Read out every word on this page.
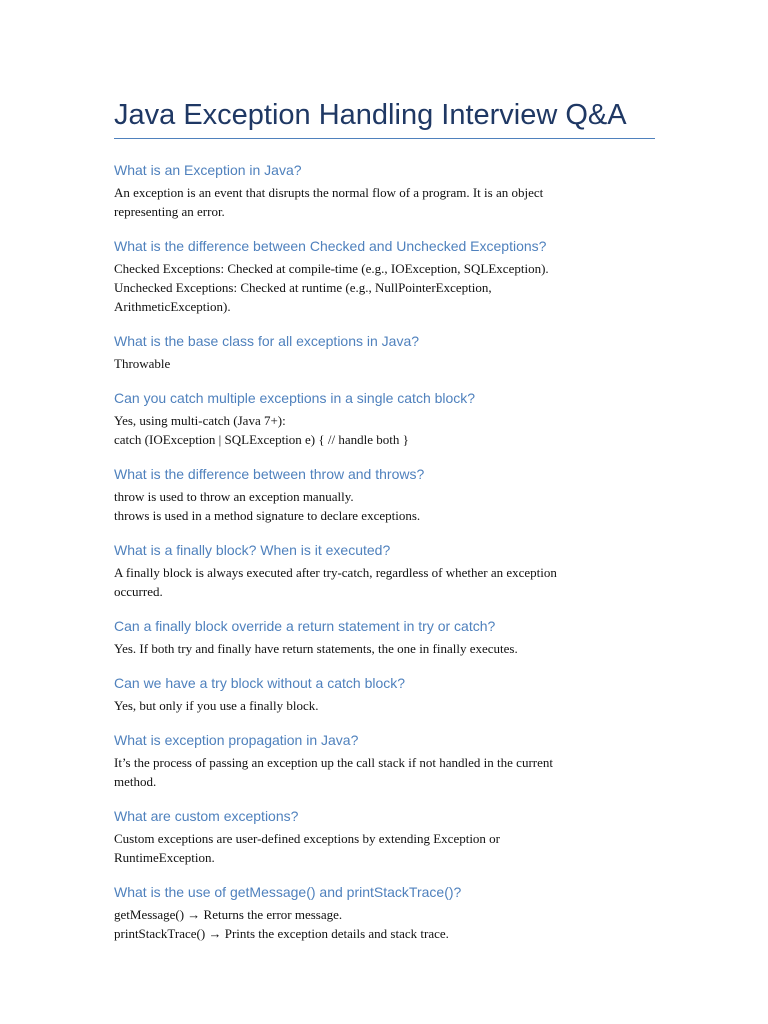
Java Exception Handling Interview Q&A
What is an Exception in Java?

An exception is an event that disrupts the normal flow of a program. It is an object
representing an error.

What is the difference between Checked and Unchecked Exceptions?

Checked Exceptions: Checked at compile-time (e.g., IOException, SQLException).
Unchecked Exceptions: Checked at runtime (e.g., NullPointerException,
ArithmeticException).

What is the base class for all exceptions in Java?

Throwable

Can you catch multiple exceptions in a single catch block?

Yes, using multi-catch (Java 7+):
catch (IOException | SQLException e) { // handle both }

What is the difference between throw and throws?

throw is used to throw an exception manually.
throws is used in a method signature to declare exceptions.

What is a finally block? When is it executed?

A finally block is always executed after try-catch, regardless of whether an exception
occurred.

Can a finally block override a return statement in try or catch?

Yes. If both try and finally have return statements, the one in finally executes.

Can we have a try block without a catch block?

Yes, but only if you use a finally block.

What is exception propagation in Java?

It’s the process of passing an exception up the call stack if not handled in the current
method.

What are custom exceptions?

Custom exceptions are user-defined exceptions by extending Exception or
RuntimeException.

What is the use of getMessage() and printStackTrace()?

getMessage() → Returns the error message.
printStackTrace() → Prints the exception details and stack trace.
